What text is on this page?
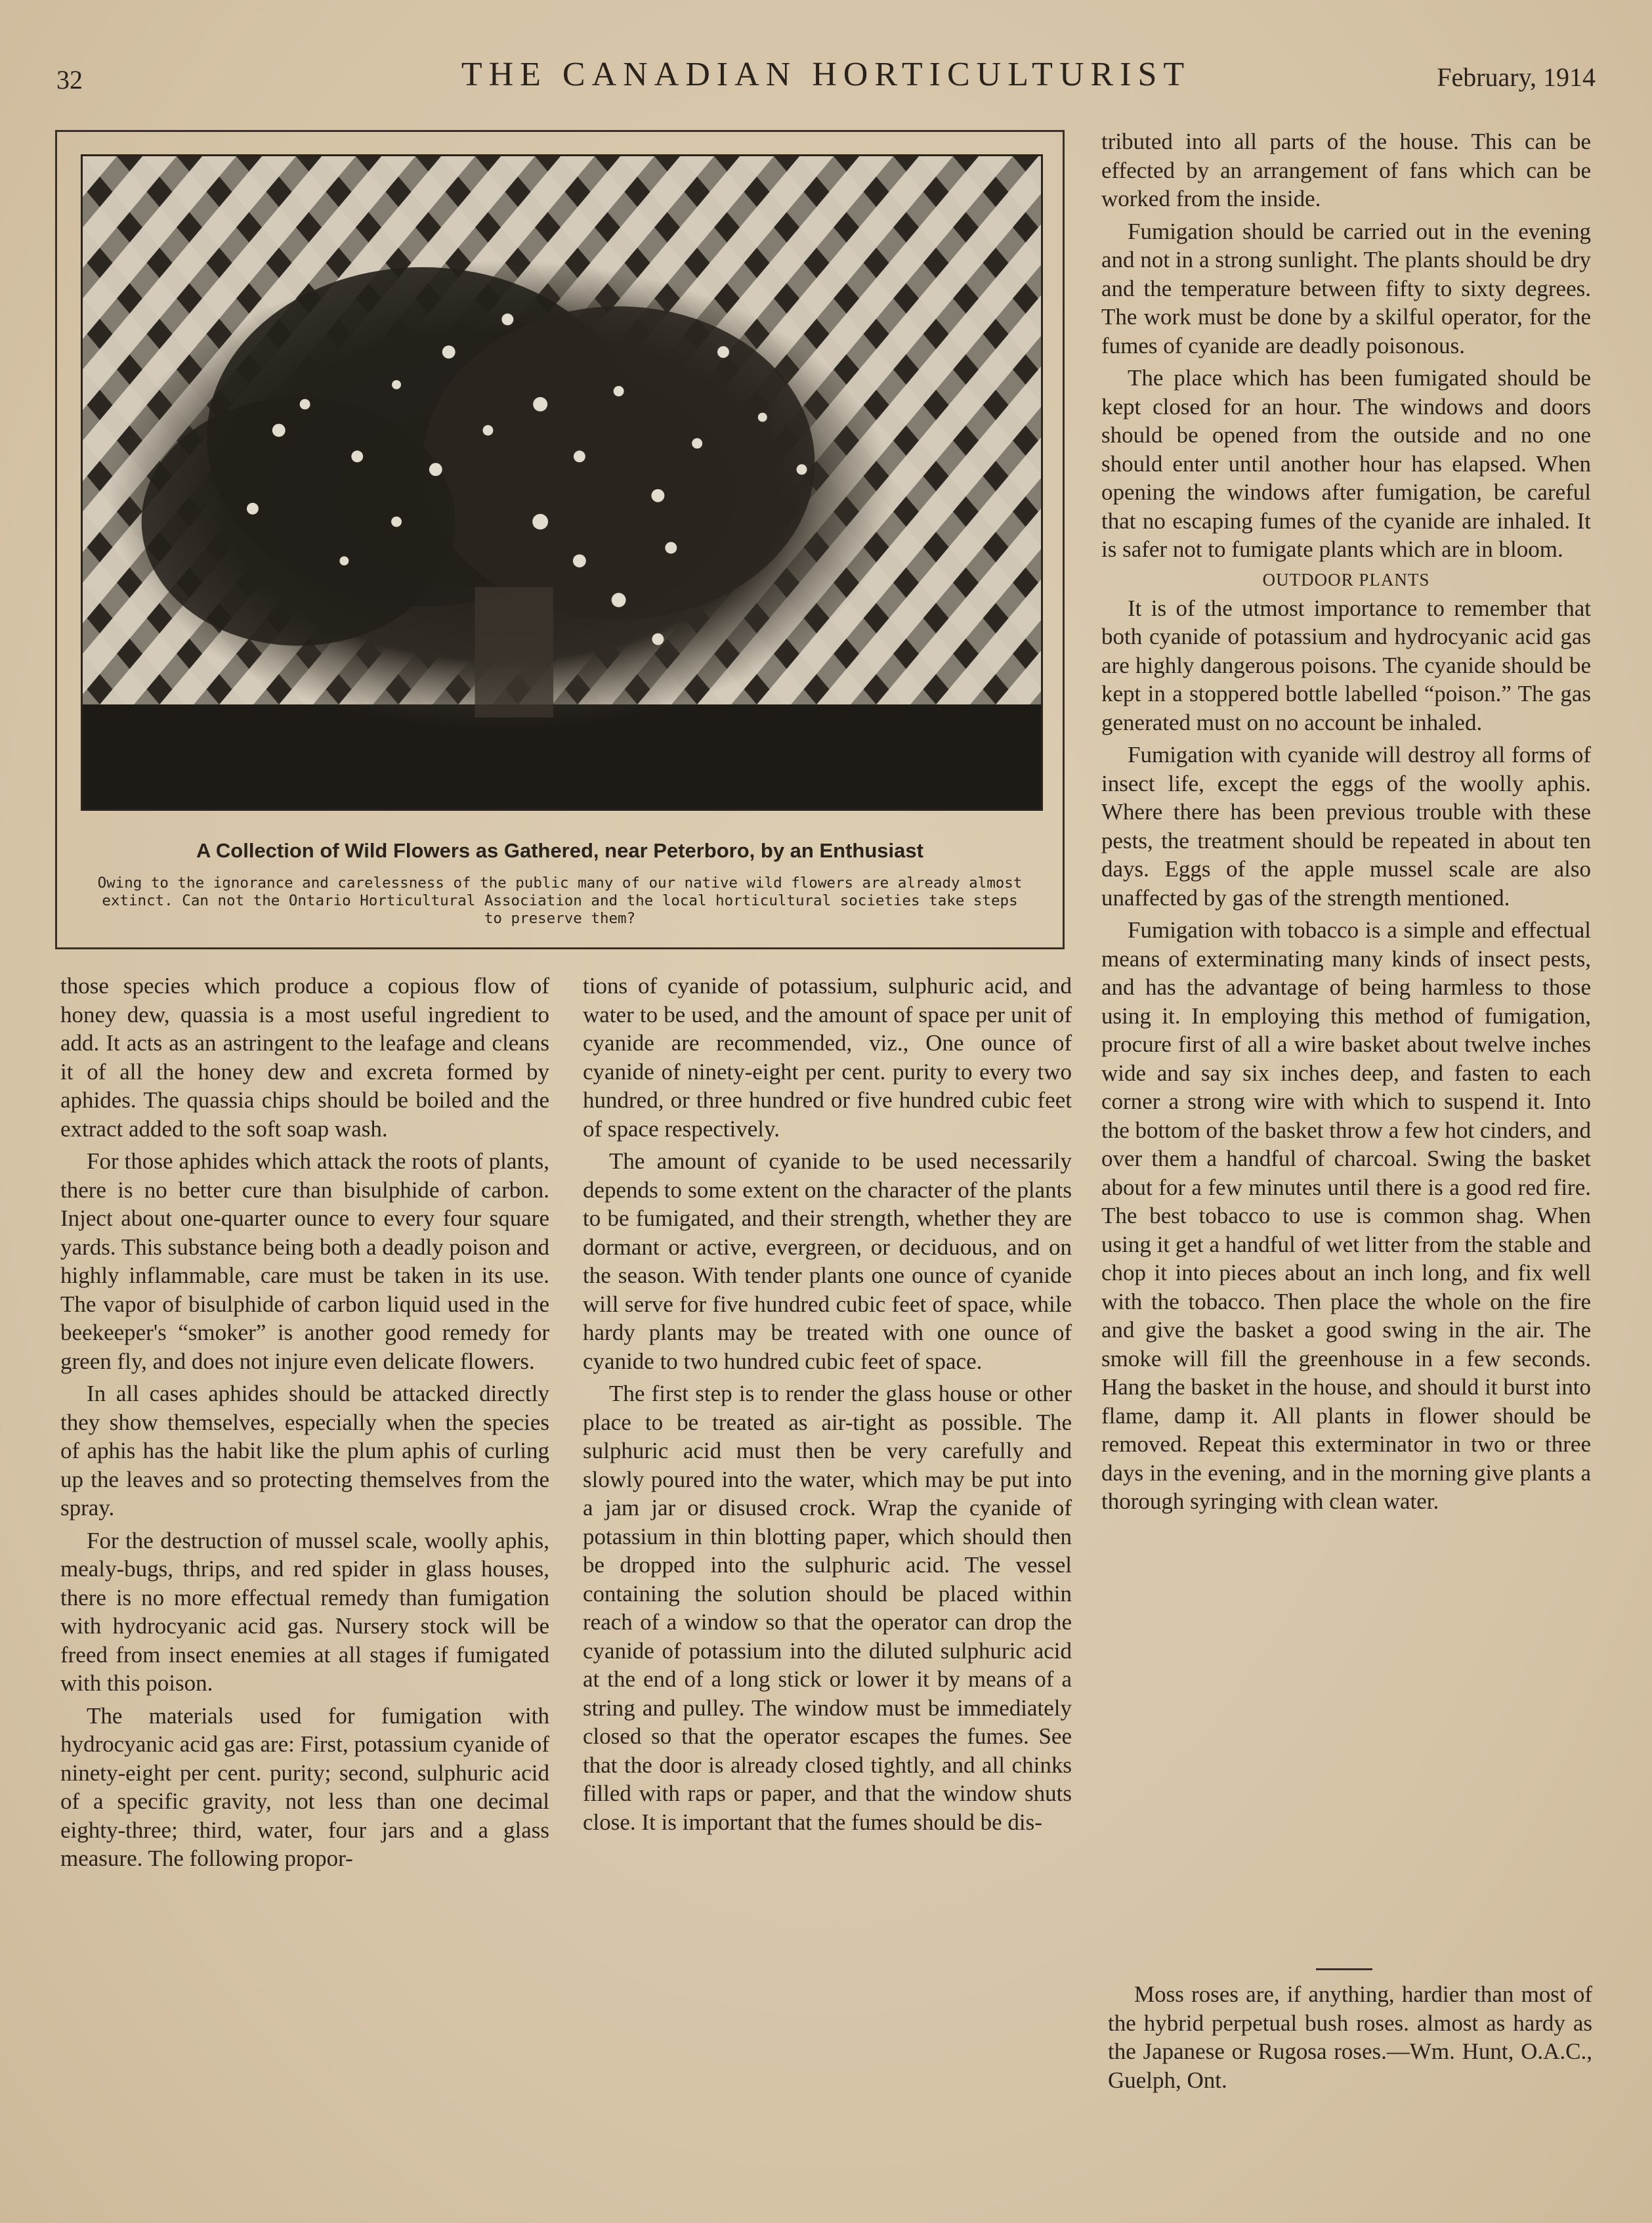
32	THE CANADIAN HORTICULTURIST	February, 1914
A Collection of Wild Flowers as Gathered, near Peterboro, by an Enthusiast
Owing to the ignorance and carelessness of the public many of our native wild flowers are already almost extinct. Can not the Ontario Horticultural Association and the local horticultural societies take steps to preserve them?

those species which produce a copious flow of honey dew, quassia is a most useful ingredient to add. It acts as an astringent to the leafage and cleans it of all the honey dew and excreta formed by aphides. The quassia chips should be boiled and the extract added to the soft soap wash.

For those aphides which attack the roots of plants, there is no better cure than bisulphide of carbon. Inject about one-quarter ounce to every four square yards. This substance being both a deadly poison and highly inflammable, care must be taken in its use. The vapor of bisulphide of carbon liquid used in the beekeeper's “smoker” is another good remedy for green fly, and does not injure even delicate flowers.

In all cases aphides should be attacked directly they show themselves, especially when the species of aphis has the habit like the plum aphis of curling up the leaves and so protecting themselves from the spray.

For the destruction of mussel scale, woolly aphis, mealy-bugs, thrips, and red spider in glass houses, there is no more effectual remedy than fumigation with hydrocyanic acid gas. Nursery stock will be freed from insect enemies at all stages if fumigated with this poison.

The materials used for fumigation with hydrocyanic acid gas are: First, potassium cyanide of ninety-eight per cent. purity; second, sulphuric acid of a specific gravity, not less than one decimal eighty-three; third, water, four jars and a glass measure. The following propor-

tions of cyanide of potassium, sulphuric acid, and water to be used, and the amount of space per unit of cyanide are recommended, viz., One ounce of cyanide of ninety-eight per cent. purity to every two hundred, or three hundred or five hundred cubic feet of space respectively.

The amount of cyanide to be used necessarily depends to some extent on the character of the plants to be fumigated, and their strength, whether they are dormant or active, evergreen, or deciduous, and on the season. With tender plants one ounce of cyanide will serve for five hundred cubic feet of space, while hardy plants may be treated with one ounce of cyanide to two hundred cubic feet of space.

The first step is to render the glass house or other place to be treated as air-tight as possible. The sulphuric acid must then be very carefully and slowly poured into the water, which may be put into a jam jar or disused crock. Wrap the cyanide of potassium in thin blotting paper, which should then be dropped into the sulphuric acid. The vessel containing the solution should be placed within reach of a window so that the operator can drop the cyanide of potassium into the diluted sulphuric acid at the end of a long stick or lower it by means of a string and pulley. The window must be immediately closed so that the operator escapes the fumes. See that the door is already closed tightly, and all chinks filled with raps or paper, and that the window shuts close. It is important that the fumes should be dis-

tributed into all parts of the house. This can be effected by an arrangement of fans which can be worked from the inside.

Fumigation should be carried out in the evening and not in a strong sunlight. The plants should be dry and the temperature between fifty to sixty degrees. The work must be done by a skilful operator, for the fumes of cyanide are deadly poisonous.

The place which has been fumigated should be kept closed for an hour. The windows and doors should be opened from the outside and no one should enter until another hour has elapsed. When opening the windows after fumigation, be careful that no escaping fumes of the cyanide are inhaled. It is safer not to fumigate plants which are in bloom.

OUTDOOR PLANTS

It is of the utmost importance to remember that both cyanide of potassium and hydrocyanic acid gas are highly dangerous poisons. The cyanide should be kept in a stoppered bottle labelled “poison.” The gas generated must on no account be inhaled.

Fumigation with cyanide will destroy all forms of insect life, except the eggs of the woolly aphis. Where there has been previous trouble with these pests, the treatment should be repeated in about ten days. Eggs of the apple mussel scale are also unaffected by gas of the strength mentioned.

Fumigation with tobacco is a simple and effectual means of exterminating many kinds of insect pests, and has the advantage of being harmless to those using it. In employing this method of fumigation, procure first of all a wire basket about twelve inches wide and say six inches deep, and fasten to each corner a strong wire with which to suspend it. Into the bottom of the basket throw a few hot cinders, and over them a handful of charcoal. Swing the basket about for a few minutes until there is a good red fire. The best tobacco to use is common shag. When using it get a handful of wet litter from the stable and chop it into pieces about an inch long, and fix well with the tobacco. Then place the whole on the fire and give the basket a good swing in the air. The smoke will fill the greenhouse in a few seconds. Hang the basket in the house, and should it burst into flame, damp it. All plants in flower should be removed. Repeat this exterminator in two or three days in the evening, and in the morning give plants a thorough syringing with clean water.

Moss roses are, if anything, hardier than most of the hybrid perpetual bush roses. almost as hardy as the Japanese or Rugosa roses.—Wm. Hunt, O.A.C., Guelph, Ont.
